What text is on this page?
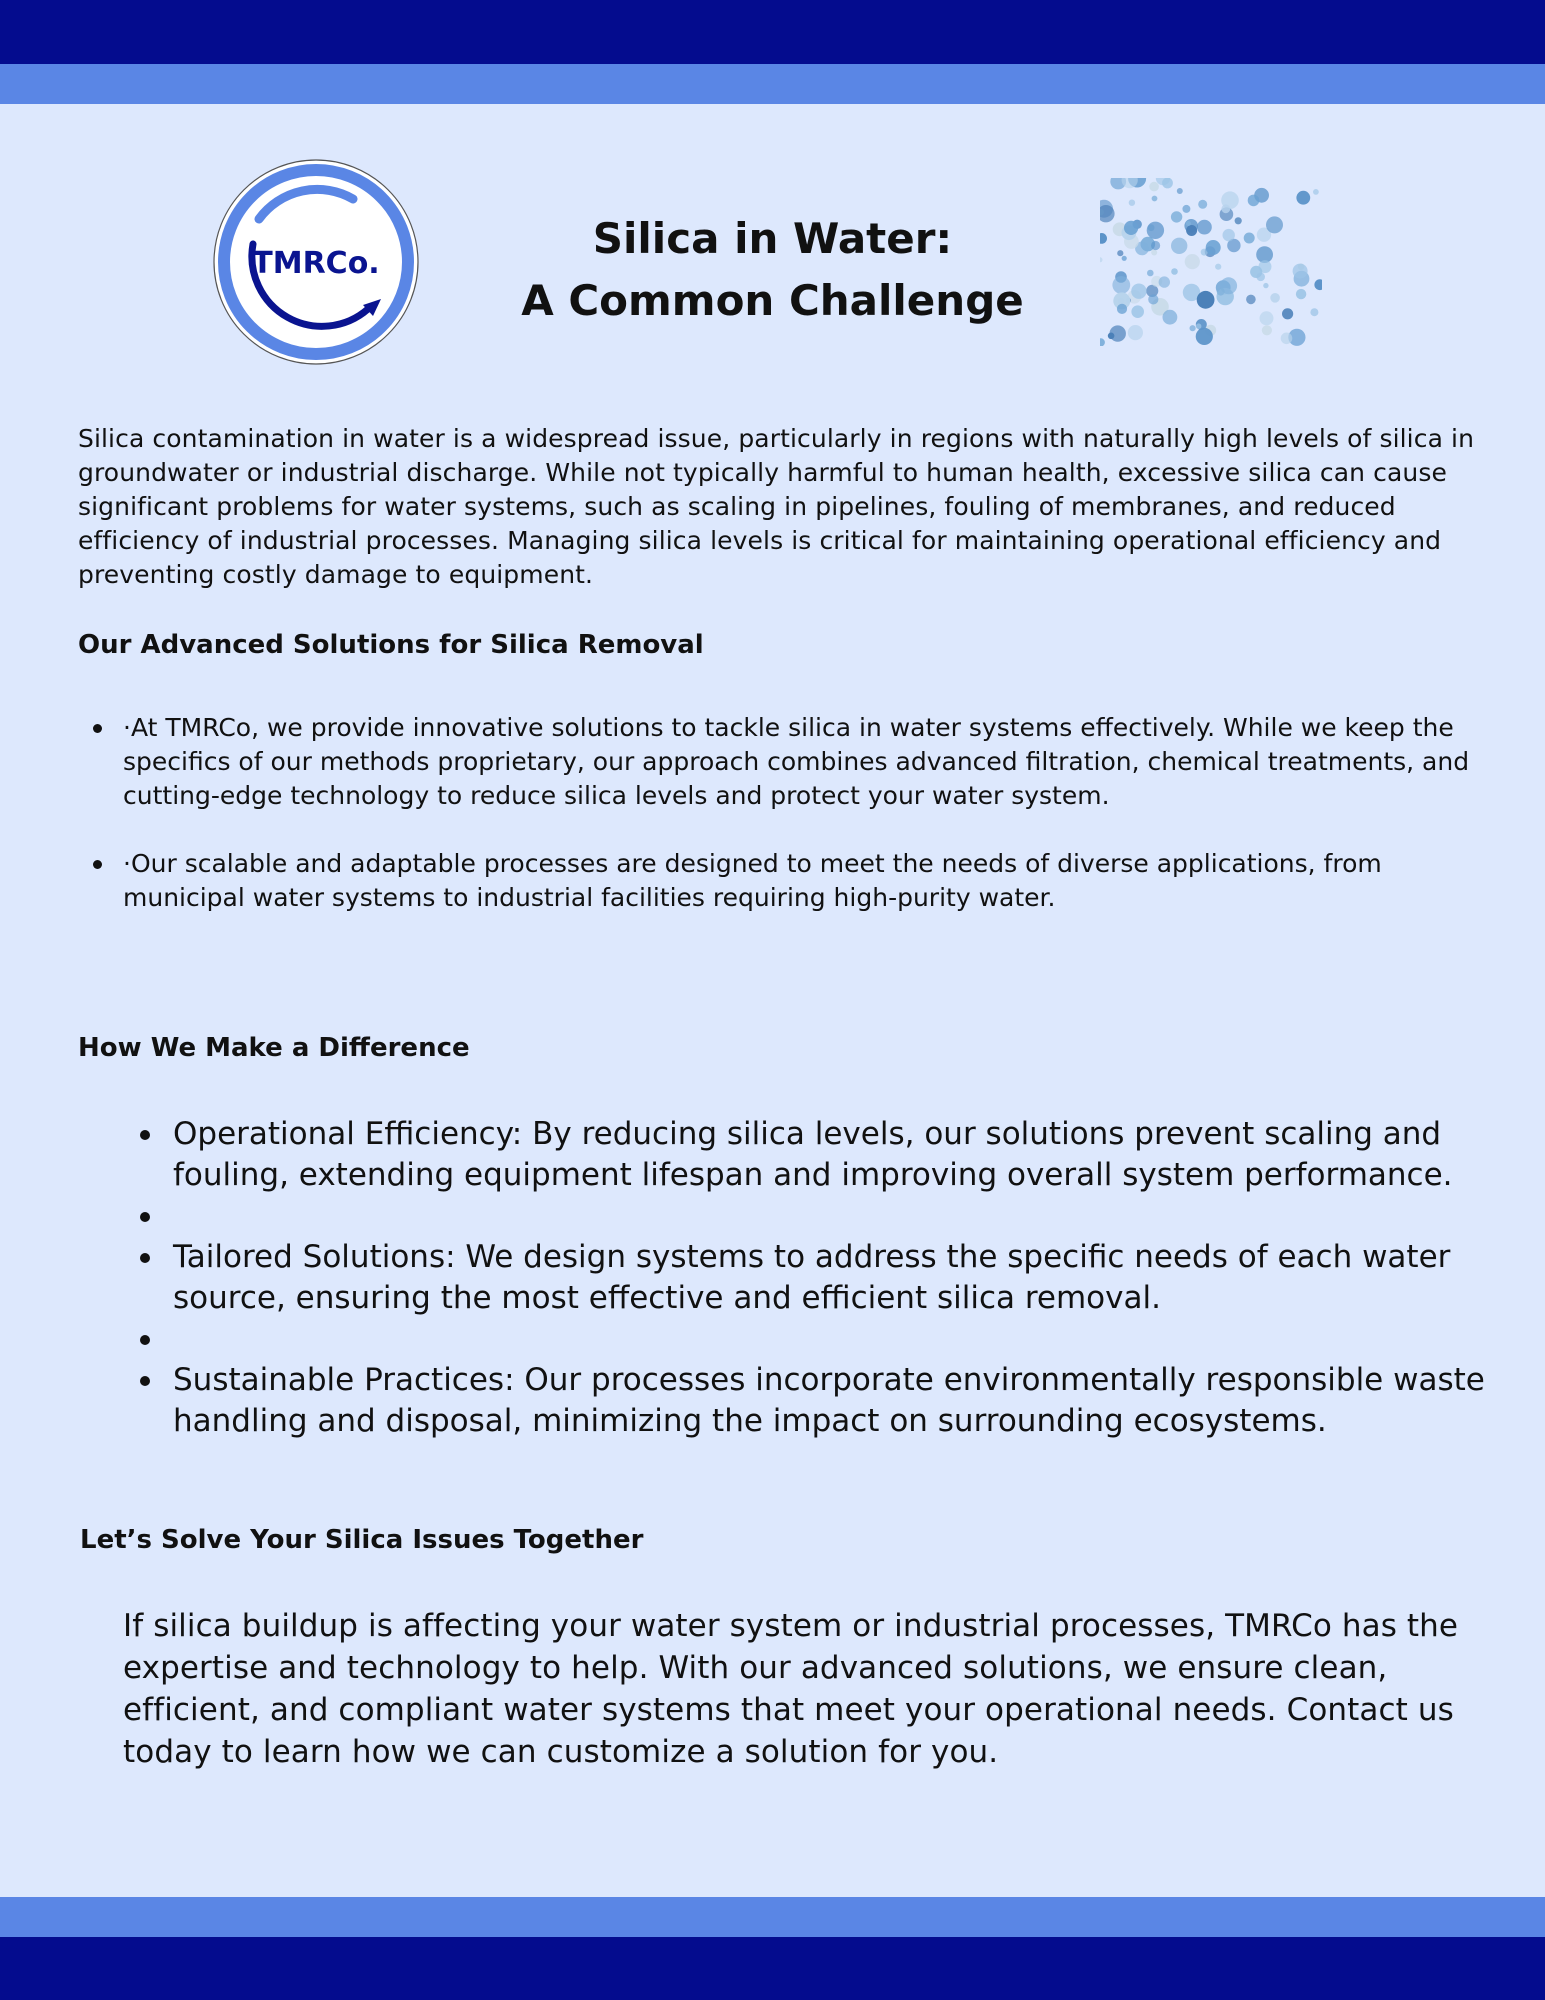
TMRCo.
Silica in Water:
A Common Challenge

Silica contamination in water is a widespread issue, particularly in regions with naturally high levels of silica in groundwater or industrial discharge. While not typically harmful to human health, excessive silica can cause significant problems for water systems, such as scaling in pipelines, fouling of membranes, and reduced efficiency of industrial processes. Managing silica levels is critical for maintaining operational efficiency and preventing costly damage to equipment.

Our Advanced Solutions for Silica Removal
·At TMRCo, we provide innovative solutions to tackle silica in water systems effectively. While we keep the specifics of our methods proprietary, our approach combines advanced filtration, chemical treatments, and cutting-edge technology to reduce silica levels and protect your water system.
·Our scalable and adaptable processes are designed to meet the needs of diverse applications, from municipal water systems to industrial facilities requiring high-purity water.
How We Make a Difference
Operational Efficiency: By reducing silica levels, our solutions prevent scaling and fouling, extending equipment lifespan and improving overall system performance.
Tailored Solutions: We design systems to address the specific needs of each water source, ensuring the most effective and efficient silica removal.
Sustainable Practices: Our processes incorporate environmentally responsible waste handling and disposal, minimizing the impact on surrounding ecosystems.
Let’s Solve Your Silica Issues Together

If silica buildup is affecting your water system or industrial processes, TMRCo has the expertise and technology to help. With our advanced solutions, we ensure clean, efficient, and compliant water systems that meet your operational needs. Contact us today to learn how we can customize a solution for you.
